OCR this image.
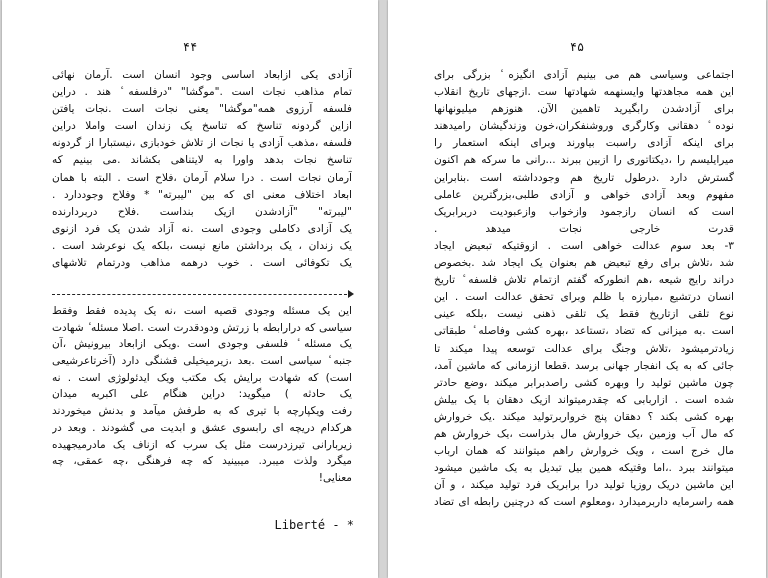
۴۴
آزادی یکی ازابعاد اساسی وجود انسان است .آرمان نهائی
تمام مذاهب نجات است ."موگشا" "درفلسفه ٔ هند . دراین
فلسفه آرزوی همه"موگشا" یعنی نجات است .نجات یافتن
ازاین گردونه تناسخ که تناسخ یک زندان است واملا دراین
فلسفه ،مذهب آزادی یا نجات از تلاش خودبازی ،نیستبارا از گردونه
تناسخ نجات بدهد واورا به لایتناهی بکشاند .می بینیم که
آرمان نجات است . درا سلام آرمان ،فلاح است . البته با همان
ابعاد اختلاف معنی ای که بین "لیبرته" * وفلاح وجوددارد .
"لیبرته" "آزادشدن ازیک بنداست .فلاح دربردارنده
یک آزادی دکاملی وجودی است .نه آزاد شدن یک فرد ازنوی
یک زندان ، یک برداشتن مانع نیست ،بلکه یک نوعرشد است .
یک تکوفائی است . خوب درهمه مذاهب ودرتمام تلاشهای
این یک مسئله وجودی قصیه است ،نه یک پدیده فقط وفقط
سیاسی که درارابطه با زرتش ودودقدرت است .اصلا مسئله ٔ شهادت
یک مسئله ٔ فلسفی وجودی است .ویکی ازابعاد بیرونیش ،آن
جنبه ٔ سیاسی است .بعد ،زیرمیخیلی قشنگی دارد (آخرتاعرشیعی
است) که شهادت برایش یک مکتب ویک ایدئولوژی است . نه
یک حادثه ) میگوید: دراین هنگام علی اکبربه میدان
رفت ویکپارچه با تیری که به طرفش میآمد و بدنش میخوردند
هرکدام دریچه ای رابسوی عشق و ابدیت می گشودند . وبعد در
زیربارانی تیرزدرست مثل یک سرب که ازناف یک مادرمیجهیده
میگرد ولذت میبرد. میبینید که چه فرهنگی ،چه عمقی، چه
معنایی!
Liberté - *
۴۵
اجتماعی وسیاسی هم می بینیم آزادی انگیزه ٔ بزرگی برای
این همه مجاهدتها وایسنهمه شهادتها ست .ازجهای تاریخ انقلاب
برای آزادشدن رابگیرید تاهمین الآن. هنوزهم میلیونهانها
نوده ٔ دهقانی وکارگری وروشنفکران،خون وزندگیشان رامیدهند
برای اینکه آزادی راسبت بیاورند وبرای اینکه استعمار را
میرایلیسم را ،دیکتاتوری را ازبین ببرند ...رانی ما سرکه هم اکنون
گسترش دارد .درطول تاریخ هم وجودداشته است .بنابراین
مفهوم وبعد آزادی خواهی و آزادی طلبی،بزرگترین عاملی
است که انسان رازجمود وازخواب وازعبودیت دربرابریک
قدرت خارجی نجات میدهد .
۳- بعد سوم عدالت خواهی است . ازوقتیکه تبعیض ایجاد
شد ،تلاش برای رفع تبعیض هم بعنوان یک ایجاد شد .بخصوص
دراند رایج شیعه ،هم انطورکه گفتم ازتمام تلاش فلسفه ٔ تاریخ
انسان درتشیع ،مبارزه با ظلم وبرای تحقق عدالت است . این
نوع تلقی ازتاریخ فقط یک تلقی ذهنی نیست ،بلکه عینی
است .به میزانی که تضاد ،تستاعد ،بهره کشی وفاصله ٔ طبقاتی
زیادترمیشود ،تلاش وجنگ برای عدالت توسعه پیدا میکند تا
جائی که به یک انفجار جهانی برسد .قطعا اززمانی که ماشین آمد،
چون ماشین تولید را وبهره کشی راصدبرابر میکند ،وضع حادتر
شده است . ازاربابی که چقدرمیتواند ازیک دهقان با یک بیلش
بهره کشی بکند ؟ دهقان پنج خرواربرتولید میکند .یک خروارش
که مال آب وزمین ،یک خروارش مال بذراست ،یک خروارش هم
مال خرج است ، ویک خروارش راهم میتوانند که همان ارباب
میتوانند ببرد .،اما وقتیکه همین بیل تبدیل به یک ماشین میشود
این ماشین دریک روزیا تولید درا برابریک فرد تولید میکند ، و آن
همه راسرمایه داربرمیدارد ،ومعلوم است که درچنین رابطه ای تضاد
